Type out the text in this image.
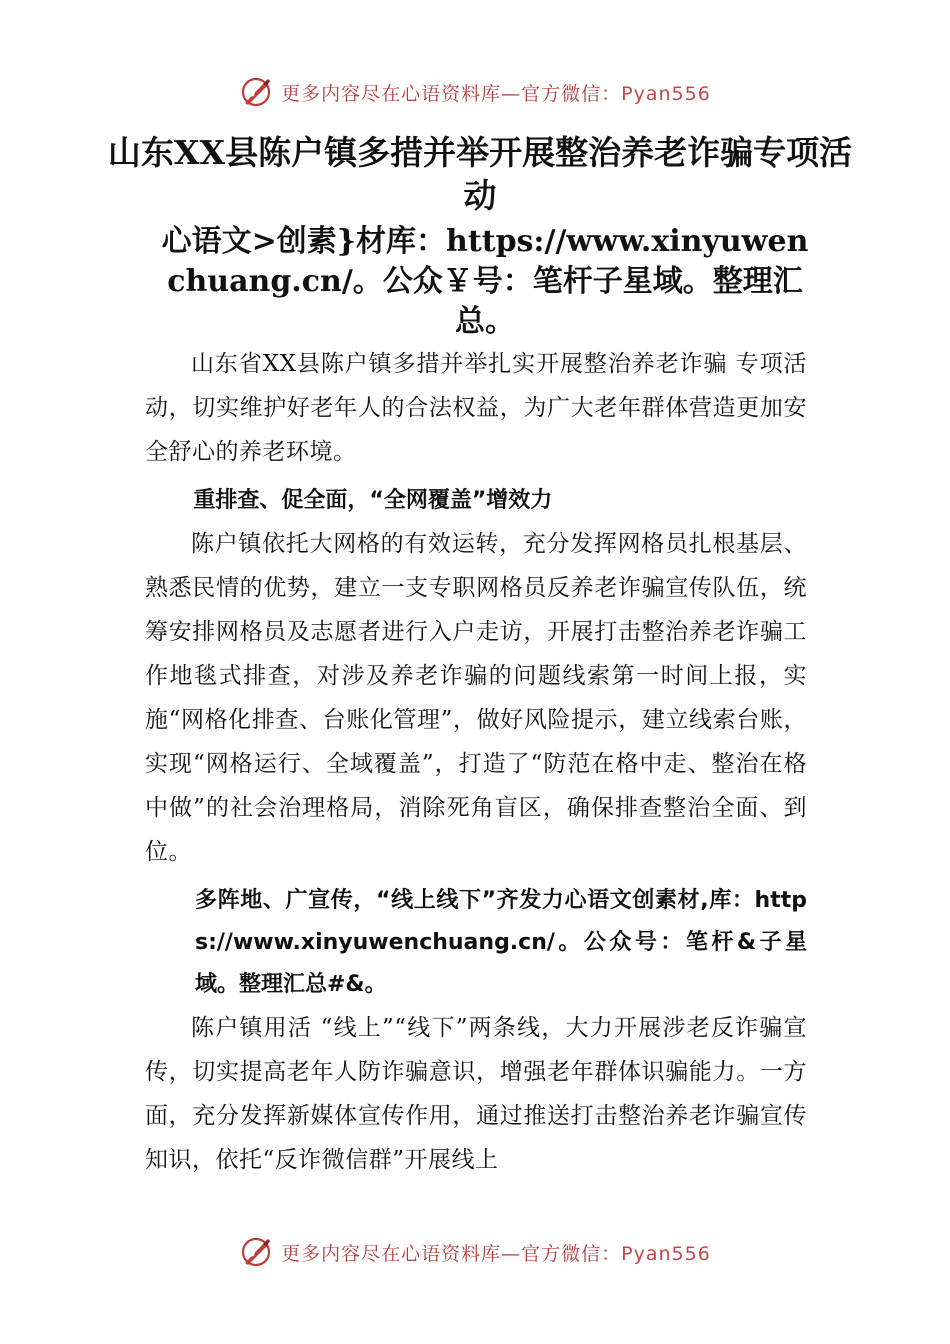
更多内容尽在心语资料库—官方微信：Pyan556
山东XX县陈户镇多措并举开展整治养老诈骗专项活动
心语文>创素}材库：https://www.xinyuwenchuang.cn/。公众￥号：笔杆子星域。整理汇总。

山东省XX县陈户镇多措并举扎实开展整治养老诈骗 专项活动，切实维护好老年人的合法权益，为广大老年群体营造更加安全舒心的养老环境。

重排查、促全面，“全网覆盖”增效力

陈户镇依托大网格的有效运转，充分发挥网格员扎根基层、熟悉民情的优势，建立一支专职网格员反养老诈骗宣传队伍，统筹安排网格员及志愿者进行入户走访，开展打击整治养老诈骗工作地毯式排查，对涉及养老诈骗的问题线索第一时间上报，实施“网格化排查、台账化管理”，做好风险提示，建立线索台账，实现“网格运行、全域覆盖”，打造了“防范在格中走、整治在格中做”的社会治理格局，消除死角盲区，确保排查整治全面、到位。

多阵地、广宣传，“线上线下”齐发力心语文创素材,库：https://www.xinyuwenchuang.cn/。公众号：笔杆&子星域。整理汇总#&。

陈户镇用活 “线上”“线下”两条线，大力开展涉老反诈骗宣传，切实提高老年人防诈骗意识，增强老年群体识骗能力。一方面，充分发挥新媒体宣传作用，通过推送打击整治养老诈骗宣传知识，依托“反诈微信群”开展线上

更多内容尽在心语资料库—官方微信：Pyan556
